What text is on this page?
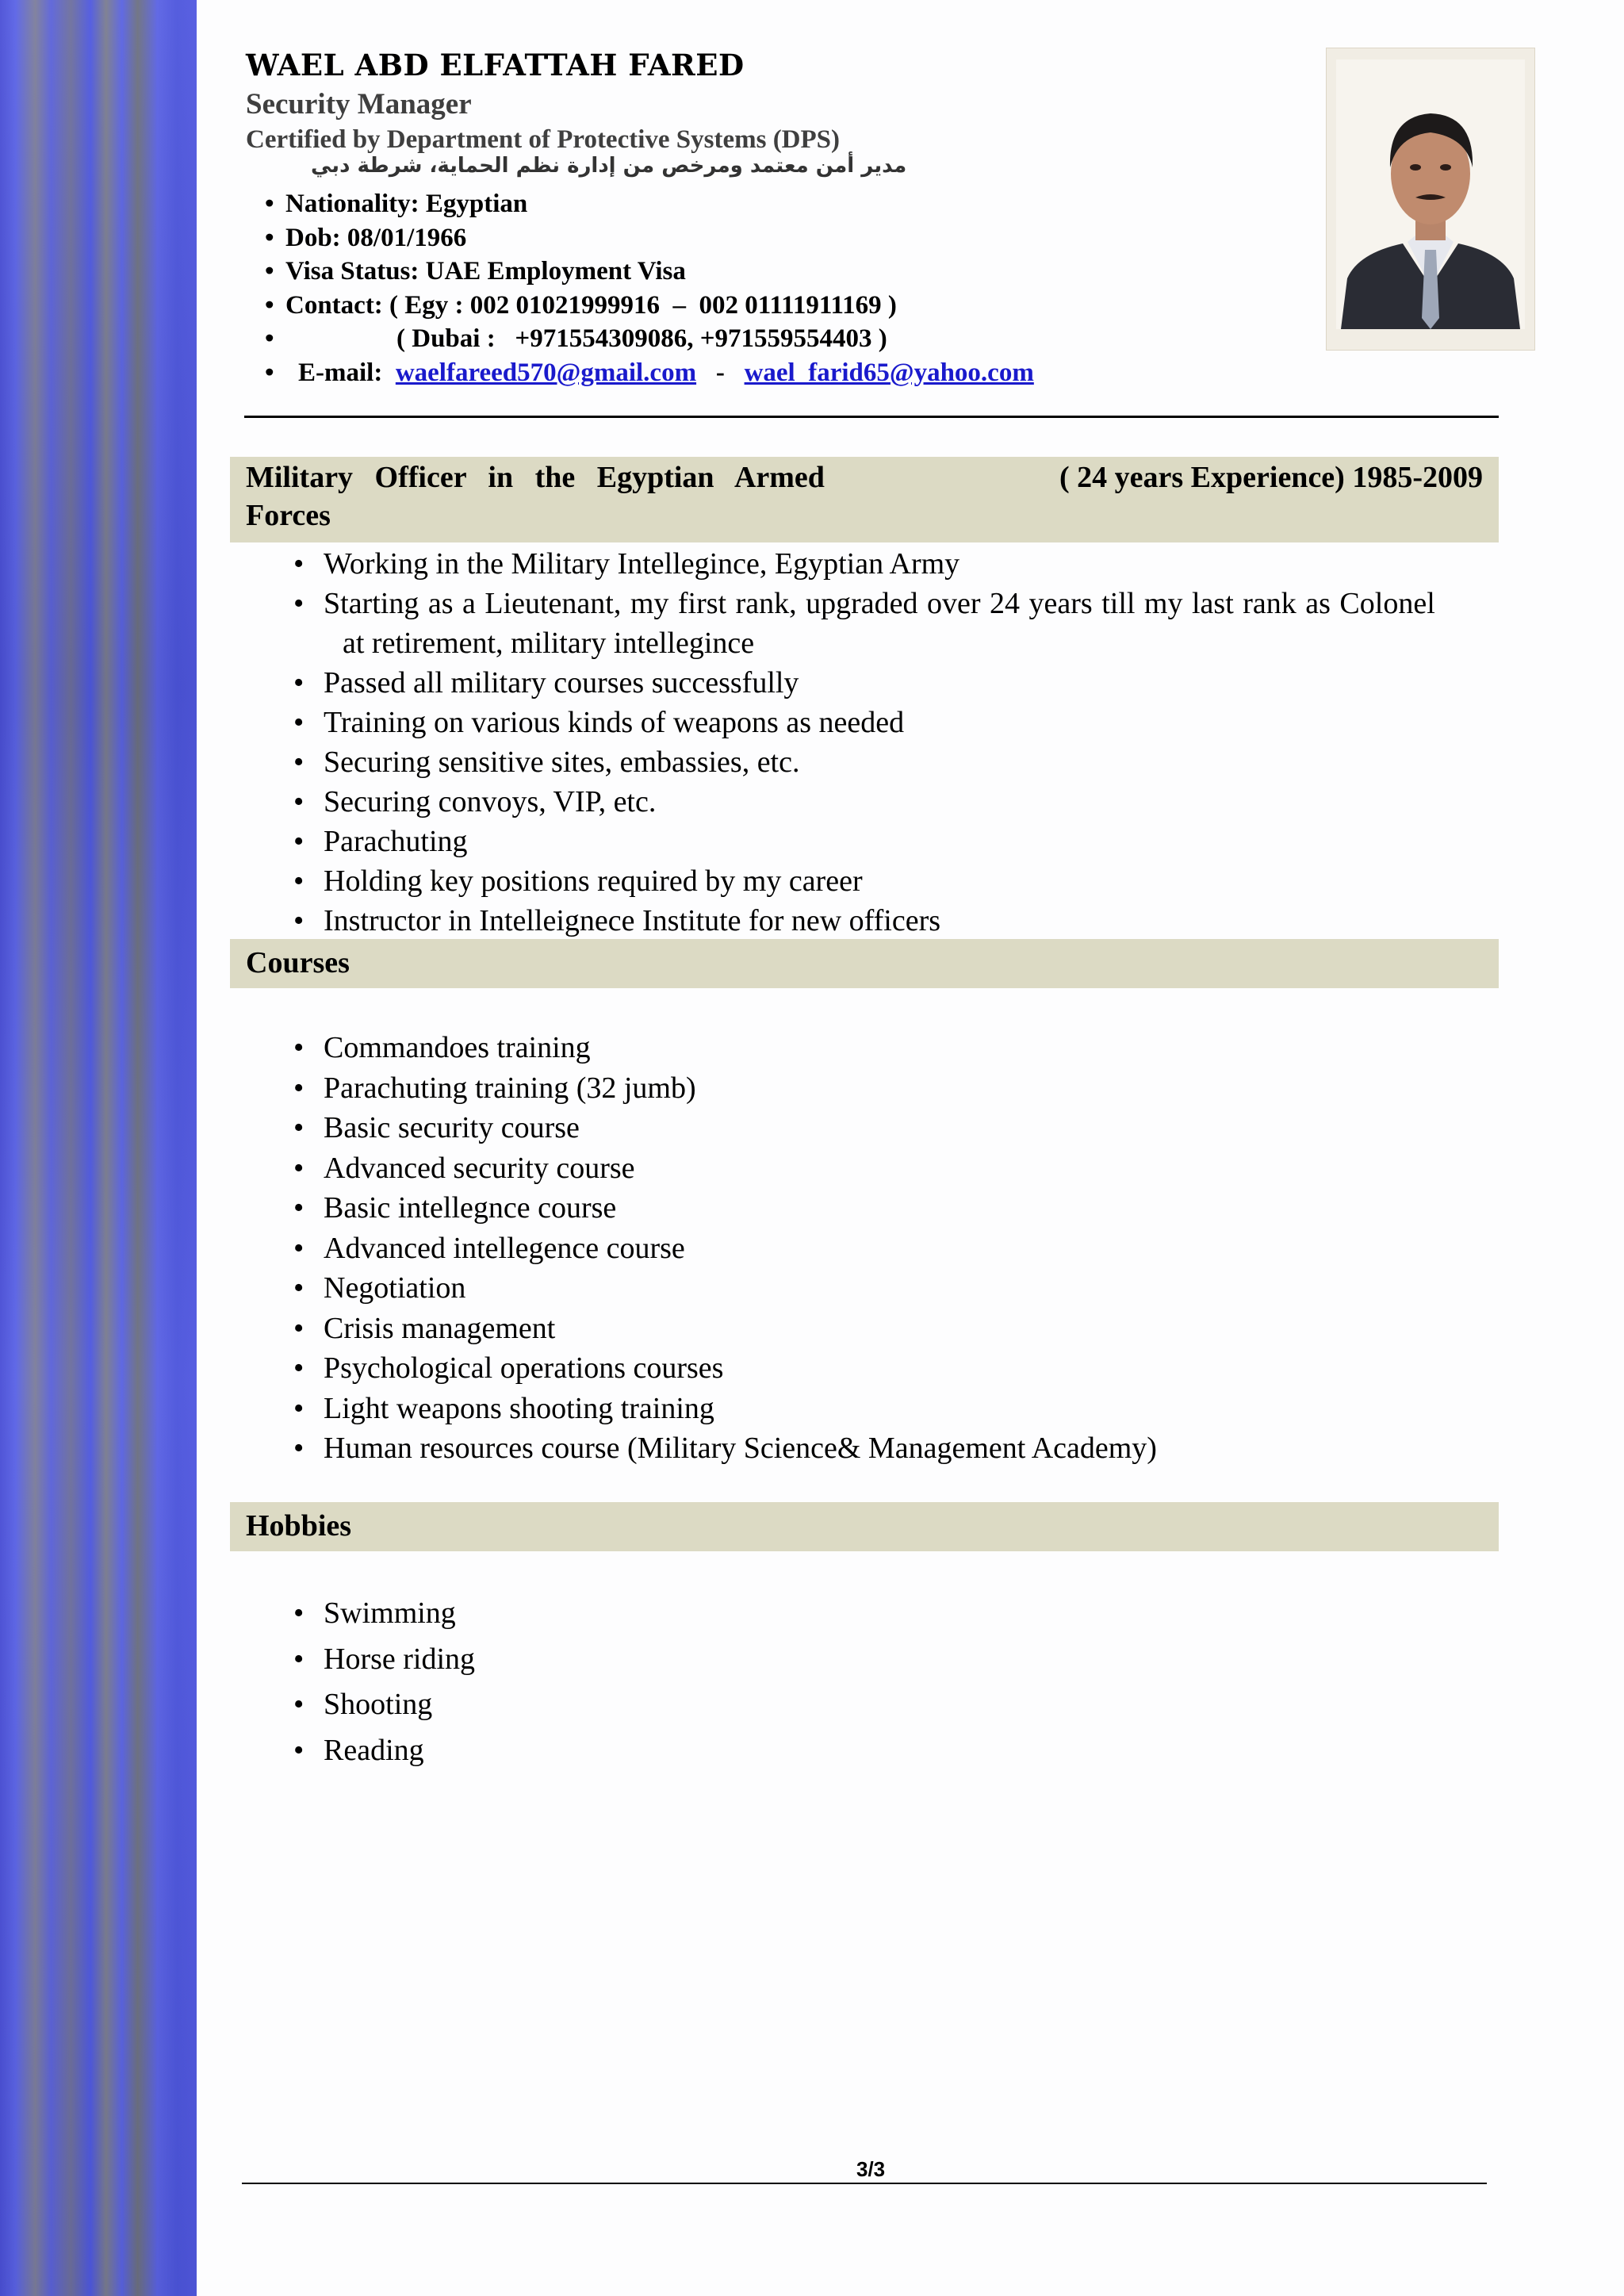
WAEL ABD ELFATTAH FARED
Security Manager
Certified by Department of Protective Systems (DPS)
مدير أمن معتمد ومرخص من إدارة نظم الحماية، شرطة دبي
• Nationality: Egyptian
• Dob: 08/01/1966
• Visa Status: UAE Employment Visa
• Contact: ( Egy : 002 01021999916  –  002 01111911169 )
•	( Dubai :   +971554309086, +971559554403 )
• E-mail: waelfareed570@gmail.com - wael_farid65@yahoo.com
Military Officer in the Egyptian Armed
Forces
( 24 years Experience) 1985-2009
• Working in the Military Intellegince, Egyptian Army
• Starting as a Lieutenant, my first rank, upgraded over 24 years till my last rank as Colonel
at retirement, military intellegince
• Passed all military courses successfully
• Training on various kinds of weapons as needed
• Securing sensitive sites, embassies, etc.
• Securing convoys, VIP, etc.
• Parachuting
• Holding key positions required by my career
• Instructor in Intelleignece Institute for new officers
Courses
• Commandoes training
• Parachuting training (32 jumb)
• Basic security course
• Advanced security course
• Basic intellegnce course
• Advanced intellegence course
• Negotiation
• Crisis management
• Psychological operations courses
• Light weapons shooting training
• Human resources course (Military Science& Management Academy)
Hobbies
• Swimming
• Horse riding
• Shooting
• Reading
3/3
